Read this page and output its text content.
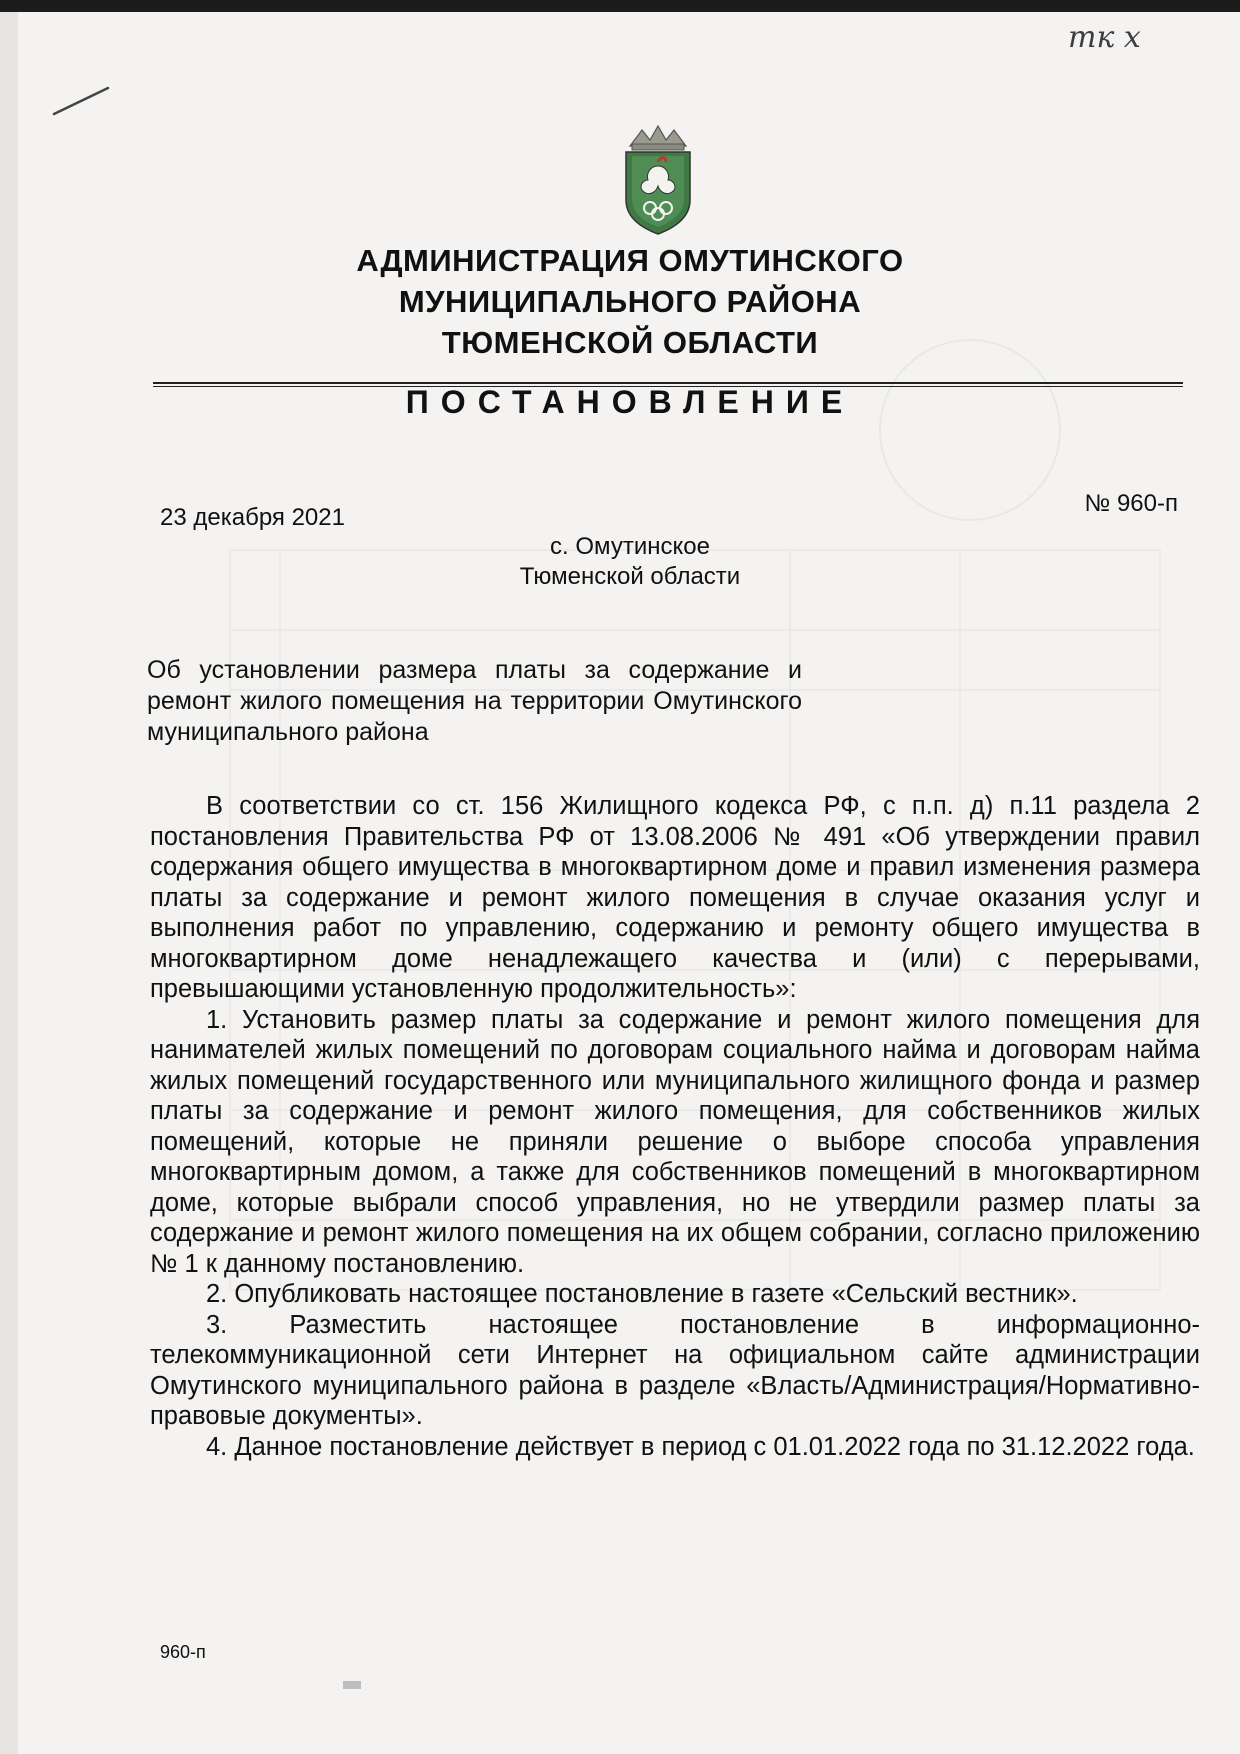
тк х
АДМИНИСТРАЦИЯ ОМУТИНСКОГО
МУНИЦИПАЛЬНОГО РАЙОНА
ТЮМЕНСКОЙ ОБЛАСТИ
ПОСТАНОВЛЕНИЕ
23 декабря 2021
№ 960-п
с. Омутинское
Тюменской области
Об установлении размера платы за содержание и ремонт жилого помещения на территории Омутинского муниципального района

В соответствии со ст. 156 Жилищного кодекса РФ, с п.п. д) п.11 раздела 2 постановления Правительства РФ от 13.08.2006 № 491 «Об утверждении правил содержания общего имущества в многоквартирном доме и правил изменения размера платы за содержание и ремонт жилого помещения в случае оказания услуг и выполнения работ по управлению, содержанию и ремонту общего имущества в многоквартирном доме ненадлежащего качества и (или) с перерывами, превышающими установленную продолжительность»:

1. Установить размер платы за содержание и ремонт жилого помещения для нанимателей жилых помещений по договорам социального найма и договорам найма жилых помещений государственного или муниципального жилищного фонда и размер платы за содержание и ремонт жилого помещения, для собственников жилых помещений, которые не приняли решение о выборе способа управления многоквартирным домом, а также для собственников помещений в многоквартирном доме, которые выбрали способ управления, но не утвердили размер платы за содержание и ремонт жилого помещения на их общем собрании, согласно приложению № 1 к данному постановлению.

2. Опубликовать настоящее постановление в газете «Сельский вестник».

3. Разместить настоящее постановление в информационно-телекоммуникационной сети Интернет на официальном сайте администрации Омутинского муниципального района в разделе «Власть/Администрация/Нормативно-правовые документы».

4. Данное постановление действует в период с 01.01.2022 года по 31.12.2022 года.

960-п
